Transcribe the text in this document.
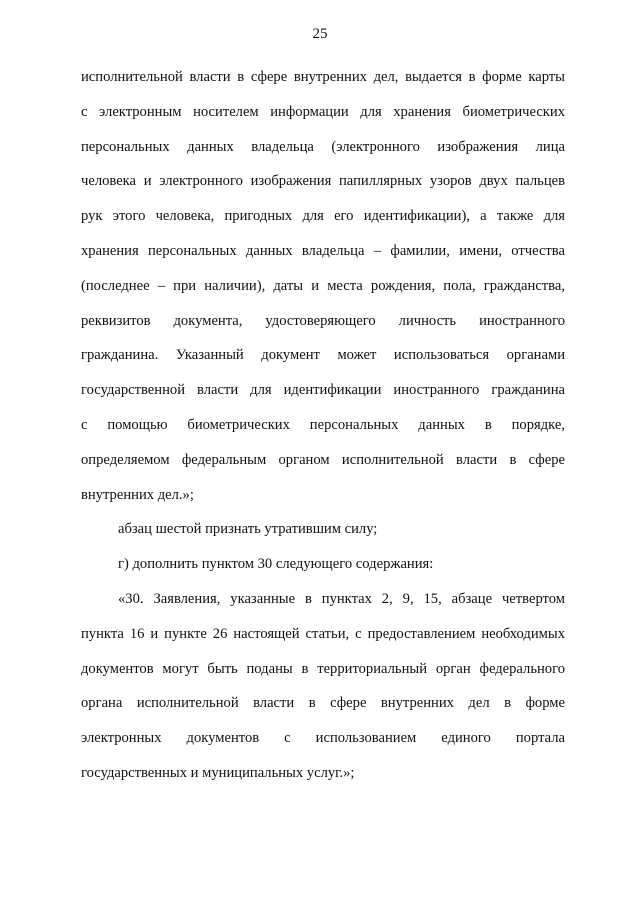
25
исполнительной власти в сфере внутренних дел, выдается в форме карты
с электронным носителем информации для хранения биометрических
персональных данных владельца (электронного изображения лица
человека и электронного изображения папиллярных узоров двух пальцев
рук этого человека, пригодных для его идентификации), а также для
хранения персональных данных владельца – фамилии, имени, отчества
(последнее – при наличии), даты и места рождения, пола, гражданства,
реквизитов документа, удостоверяющего личность иностранного
гражданина. Указанный документ может использоваться органами
государственной власти для идентификации иностранного гражданина
с помощью биометрических персональных данных в порядке,
определяемом федеральным органом исполнительной власти в сфере
внутренних дел.»;
абзац шестой признать утратившим силу;
г) дополнить пунктом 30 следующего содержания:
«30. Заявления, указанные в пунктах 2, 9, 15, абзаце четвертом
пункта 16 и пункте 26 настоящей статьи, с предоставлением необходимых
документов могут быть поданы в территориальный орган федерального
органа исполнительной власти в сфере внутренних дел в форме
электронных документов с использованием единого портала
государственных и муниципальных услуг.»;
